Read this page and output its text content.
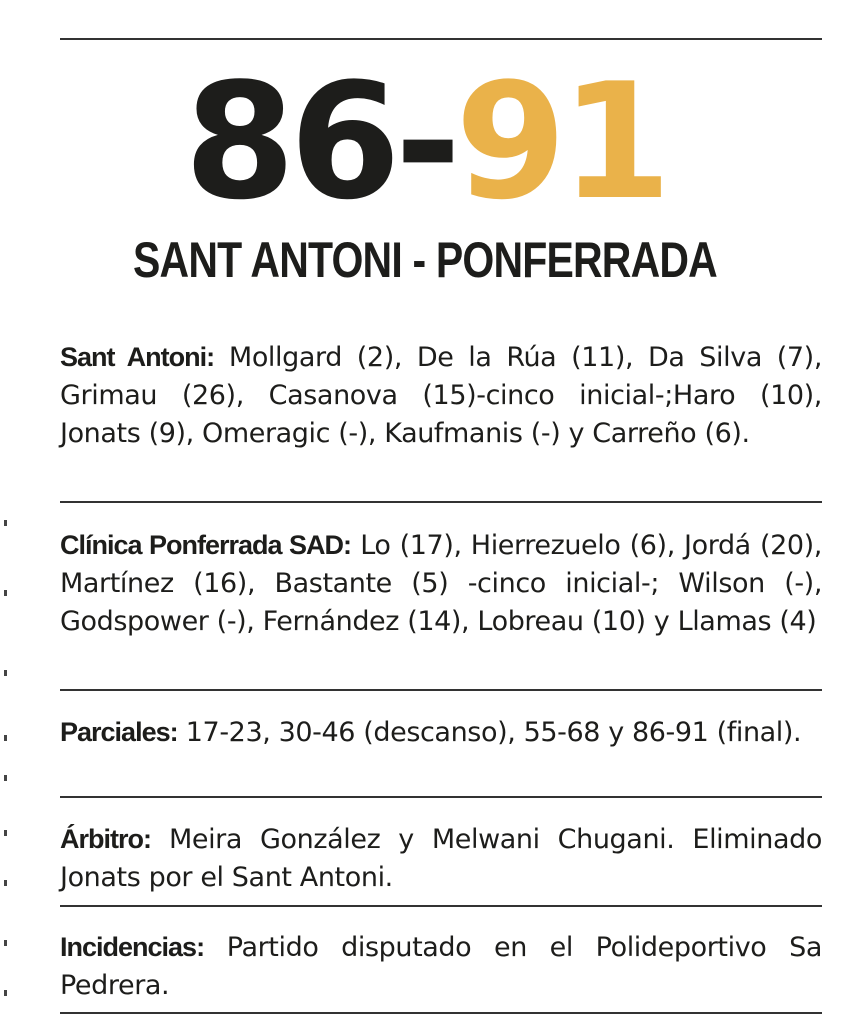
86-91
SANT ANTONI - PONFERRADA
Sant Antoni: Mollgard (2), De la Rúa (11), Da Silva (7), Grimau (26), Casanova (15)-cinco inicial-;Haro (10), Jonats (9), Omeragic (-), Kaufmanis (-) y Carreño (6).
Clínica Ponferrada SAD: Lo (17), Hierrezuelo (6), Jordá (20), Martínez (16), Bastante (5) -cinco inicial-; Wilson (-), Godspower (-), Fernández (14), Lobreau (10) y Llamas (4)
Parciales: 17-23, 30-46 (descanso), 55-68 y 86-91 (final).
Árbitro: Meira González y Melwani Chugani. Eliminado Jonats por el Sant Antoni.
Incidencias: Partido disputado en el Polideportivo Sa Pedrera.
